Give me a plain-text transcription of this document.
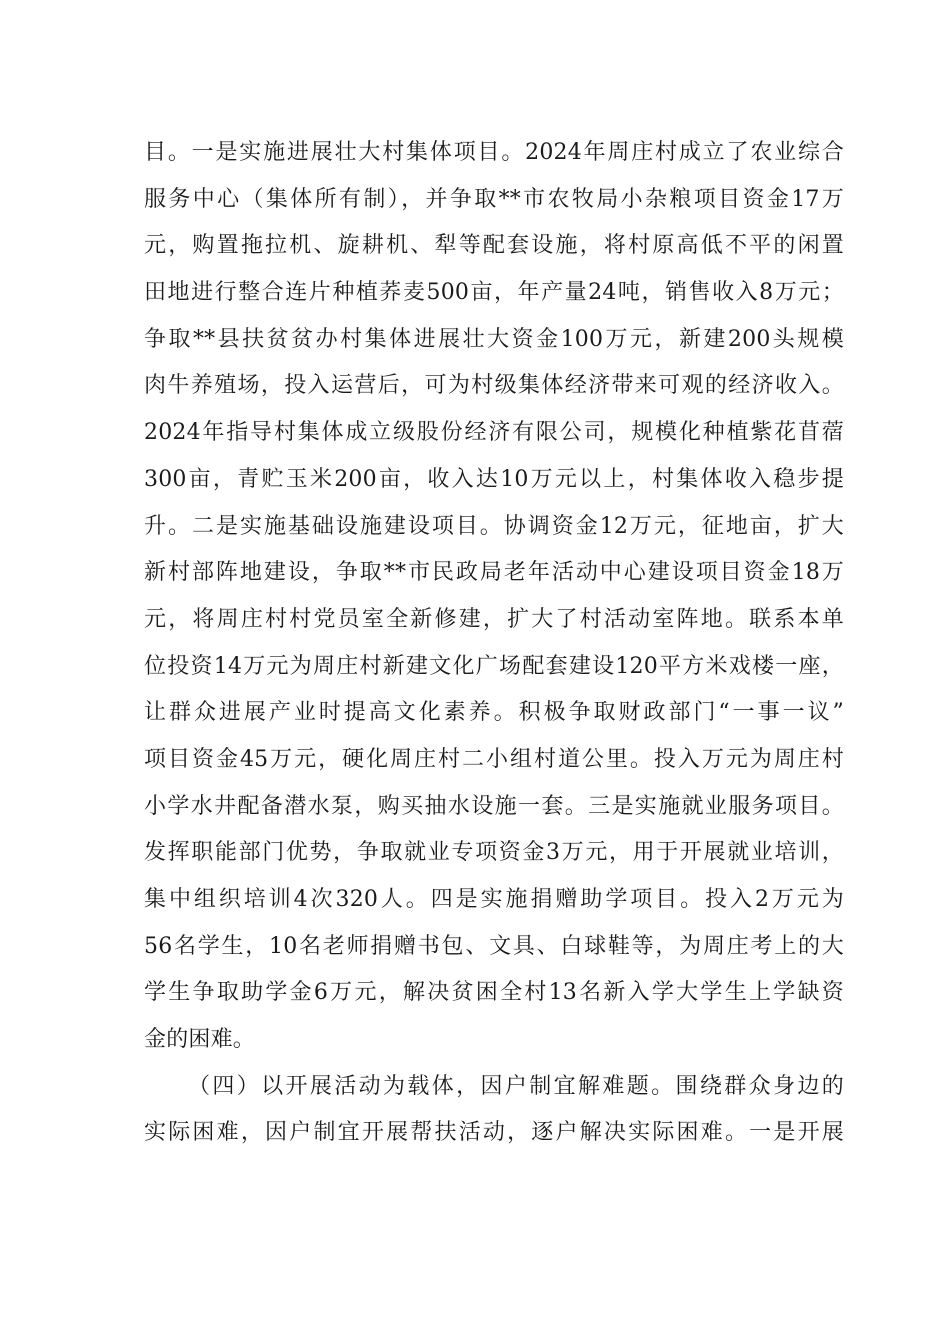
目。一是实施进展壮大村集体项目。2024年周庄村成立了农业综合
服务中心（集体所有制），并争取**市农牧局小杂粮项目资金17万
元，购置拖拉机、旋耕机、犁等配套设施，将村原高低不平的闲置
田地进行整合连片种植荞麦500亩，年产量24吨，销售收入8万元；
争取**县扶贫贫办村集体进展壮大资金100万元，新建200头规模
肉牛养殖场，投入运营后，可为村级集体经济带来可观的经济收入。
2024年指导村集体成立级股份经济有限公司，规模化种植紫花苜蓿
300亩，青贮玉米200亩，收入达10万元以上，村集体收入稳步提
升。二是实施基础设施建设项目。协调资金12万元，征地亩，扩大
新村部阵地建设，争取**市民政局老年活动中心建设项目资金18万
元，将周庄村村党员室全新修建，扩大了村活动室阵地。联系本单
位投资14万元为周庄村新建文化广场配套建设120平方米戏楼一座，
让群众进展产业时提高文化素养。积极争取财政部门“一事一议”
项目资金45万元，硬化周庄村二小组村道公里。投入万元为周庄村
小学水井配备潜水泵，购买抽水设施一套。三是实施就业服务项目。
发挥职能部门优势，争取就业专项资金3万元，用于开展就业培训，
集中组织培训4次320人。四是实施捐赠助学项目。投入2万元为
56名学生，10名老师捐赠书包、文具、白球鞋等，为周庄考上的大
学生争取助学金6万元，解决贫困全村13名新入学大学生上学缺资
金的困难。
（四）以开展活动为载体，因户制宜解难题。围绕群众身边的
实际困难，因户制宜开展帮扶活动，逐户解决实际困难。一是开展
